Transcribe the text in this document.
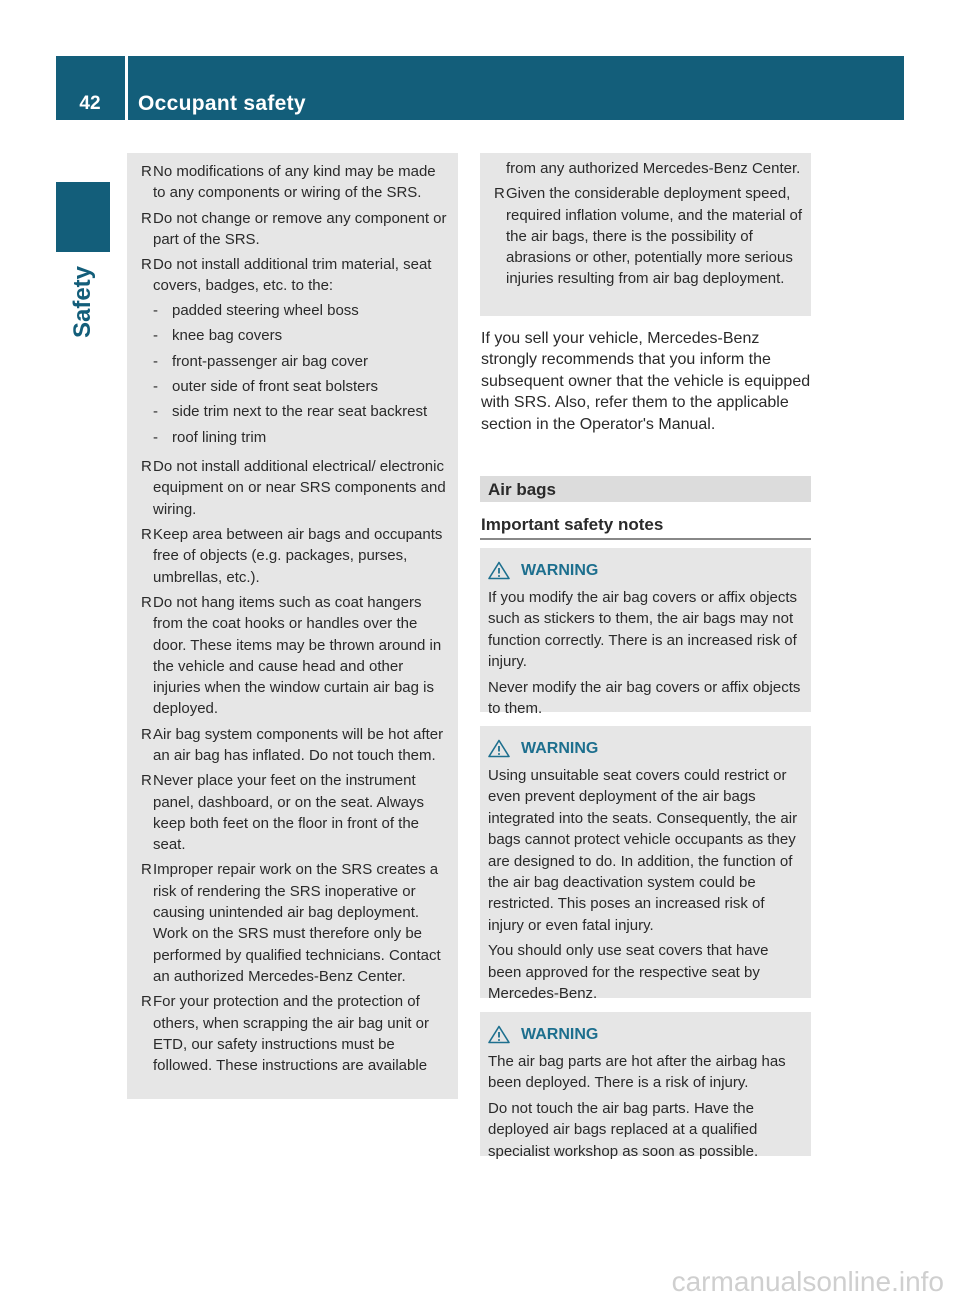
42	Occupant safety
Safety
R No modifications of any kind may be made to any components or wiring of the SRS.
R Do not change or remove any component or part of the SRS.
R Do not install additional trim material, seat covers, badges, etc. to the:
- padded steering wheel boss
- knee bag covers
- front-passenger air bag cover
- outer side of front seat bolsters
- side trim next to the rear seat backrest
- roof lining trim
R Do not install additional electrical/ electronic equipment on or near SRS components and wiring.
R Keep area between air bags and occupants free of objects (e.g. packages, purses, umbrellas, etc.).
R Do not hang items such as coat hangers from the coat hooks or handles over the door. These items may be thrown around in the vehicle and cause head and other injuries when the window curtain air bag is deployed.
R Air bag system components will be hot after an air bag has inflated. Do not touch them.
R Never place your feet on the instrument panel, dashboard, or on the seat. Always keep both feet on the floor in front of the seat.
R Improper repair work on the SRS creates a risk of rendering the SRS inoperative or causing unintended air bag deployment. Work on the SRS must therefore only be performed by qualified technicians. Contact an authorized Mercedes-Benz Center.
R For your protection and the protection of others, when scrapping the air bag unit or ETD, our safety instructions must be followed. These instructions are available
from any authorized Mercedes-Benz Center.
R Given the considerable deployment speed, required inflation volume, and the material of the air bags, there is the possibility of abrasions or other, potentially more serious injuries resulting from air bag deployment.
If you sell your vehicle, Mercedes-Benz strongly recommends that you inform the subsequent owner that the vehicle is equipped with SRS. Also, refer them to the applicable section in the Operator's Manual.
Air bags
Important safety notes
WARNING

If you modify the air bag covers or affix objects such as stickers to them, the air bags may not function correctly. There is an increased risk of injury.

Never modify the air bag covers or affix objects to them.

WARNING

Using unsuitable seat covers could restrict or even prevent deployment of the air bags integrated into the seats. Consequently, the air bags cannot protect vehicle occupants as they are designed to do. In addition, the function of the air bag deactivation system could be restricted. This poses an increased risk of injury or even fatal injury.

You should only use seat covers that have been approved for the respective seat by Mercedes-Benz.

WARNING

The air bag parts are hot after the airbag has been deployed. There is a risk of injury.

Do not touch the air bag parts. Have the deployed air bags replaced at a qualified specialist workshop as soon as possible.

carmanualsonline.info
